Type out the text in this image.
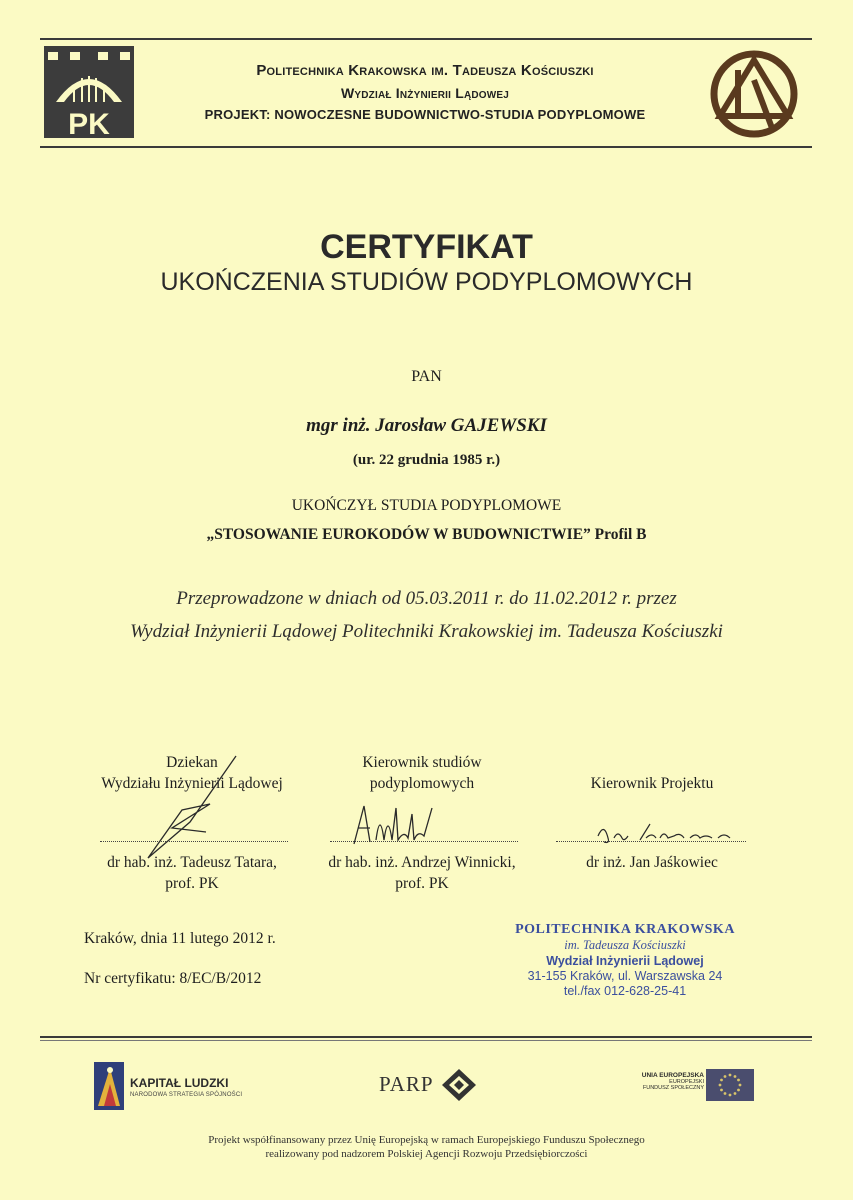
PK
Politechnika Krakowska im. Tadeusza Kościuszki
Wydział Inżynierii Lądowej
PROJEKT: NOWOCZESNE BUDOWNICTWO-STUDIA PODYPLOMOWE
CERTYFIKAT
UKOŃCZENIA STUDIÓW PODYPLOMOWYCH
PAN
mgr inż. Jarosław GAJEWSKI
(ur. 22 grudnia 1985 r.)
UKOŃCZYŁ STUDIA PODYPLOMOWE
„STOSOWANIE EUROKODÓW W BUDOWNICTWIE” Profil B
Przeprowadzone w dniach od 05.03.2011 r. do 11.02.2012 r. przez
Wydział Inżynierii Lądowej Politechniki Krakowskiej im. Tadeusza Kościuszki
Dziekan
Wydziału Inżynierii Lądowej
dr hab. inż. Tadeusz Tatara,
prof. PK
Kierownik studiów
podyplomowych
dr hab. inż. Andrzej Winnicki,
prof. PK
Kierownik Projektu
dr inż. Jan Jaśkowiec
Kraków, dnia 11 lutego 2012 r.
Nr certyfikatu: 8/EC/B/2012
POLITECHNIKA KRAKOWSKA
im. Tadeusza Kościuszki
Wydział Inżynierii Lądowej
31-155 Kraków, ul. Warszawska 24
tel./fax 012-628-25-41
KAPITAŁ LUDZKI
NARODOWA STRATEGIA SPÓJNOŚCI	PARP	UNIA EUROPEJSKA
EUROPEJSKI
FUNDUSZ SPOŁECZNY
Projekt współfinansowany przez Unię Europejską w ramach Europejskiego Funduszu Społecznego
realizowany pod nadzorem Polskiej Agencji Rozwoju Przedsiębiorczości
